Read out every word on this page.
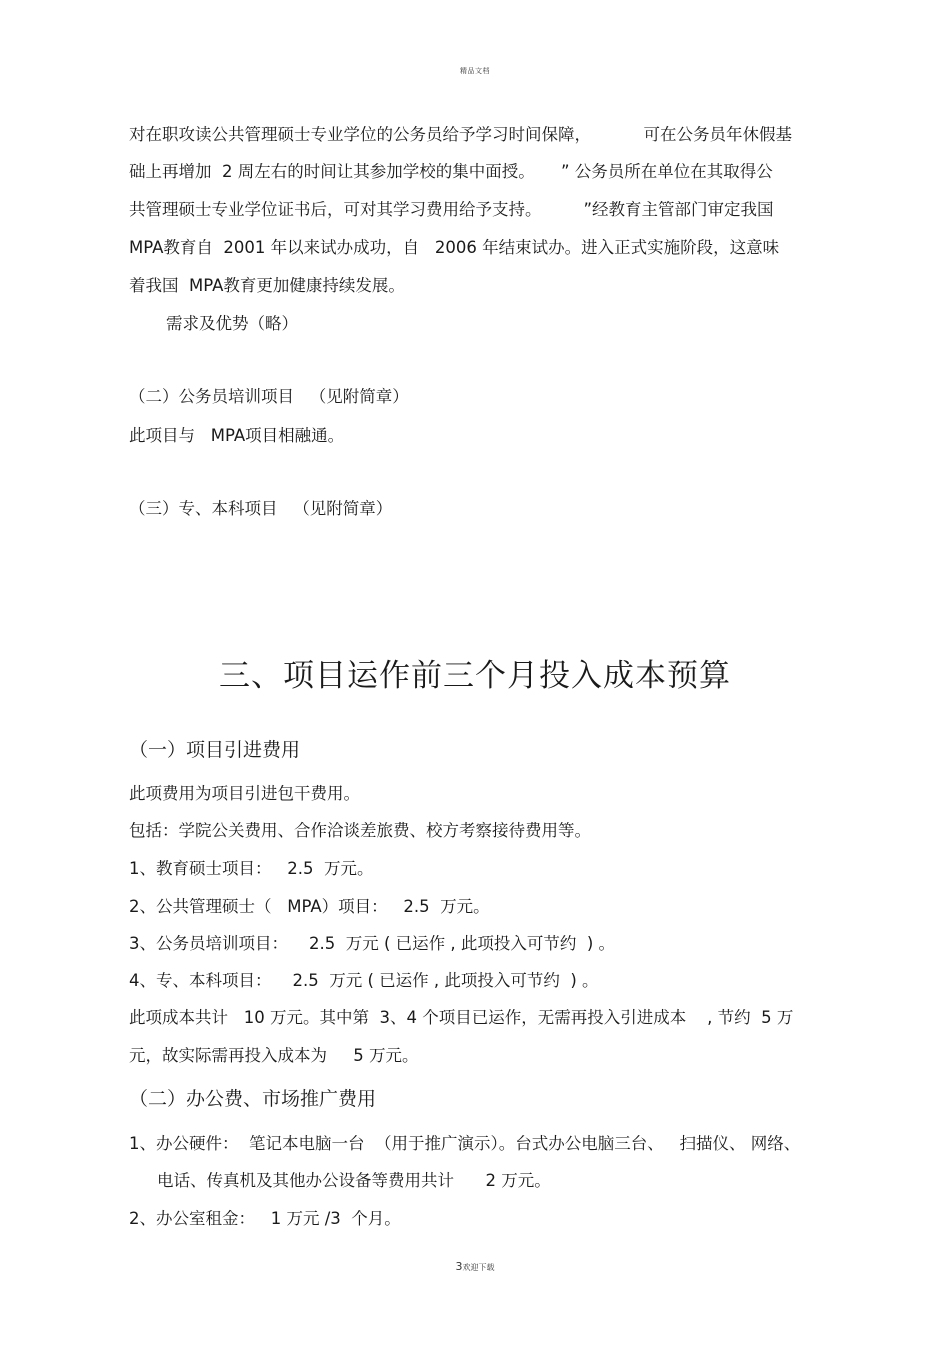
精品文档
对在职攻读公共管理硕士专业学位的公务员给予学习时间保障，          可在公务员年休假基
础上再增加  2 周左右的时间让其参加学校的集中面授。     ” 公务员所在单位在其取得公
共管理硕士专业学位证书后，可对其学习费用给予支持。        ”经教育主管部门审定我国
MPA教育自  2001 年以来试办成功，自   2006 年结束试办。进入正式实施阶段，这意味
着我国  MPA教育更加健康持续发展。
需求及优势（略）
（二）公务员培训项目   （见附简章）
此项目与   MPA项目相融通。
（三）专、本科项目   （见附简章）
三、项目运作前三个月投入成本预算
（一）项目引进费用
此项费用为项目引进包干费用。
包括：学院公关费用、合作洽谈差旅费、校方考察接待费用等。
1、教育硕士项目：   2.5  万元。
2、公共管理硕士（   MPA）项目：   2.5  万元。
3、公务员培训项目：    2.5  万元 ( 已运作 , 此项投入可节约  ) 。
4、专、本科项目：    2.5  万元 ( 已运作 , 此项投入可节约  ) 。
此项成本共计   10 万元。其中第  3、4 个项目已运作，无需再投入引进成本    , 节约  5 万
元，故实际需再投入成本为     5 万元。
（二）办公费、市场推广费用
1、办公硬件：  笔记本电脑一台  （用于推广演示）。台式办公电脑三台、   扫描仪、 网络、
电话、传真机及其他办公设备等费用共计      2 万元。
2、办公室租金：   1 万元 /3  个月。
3欢迎下载
